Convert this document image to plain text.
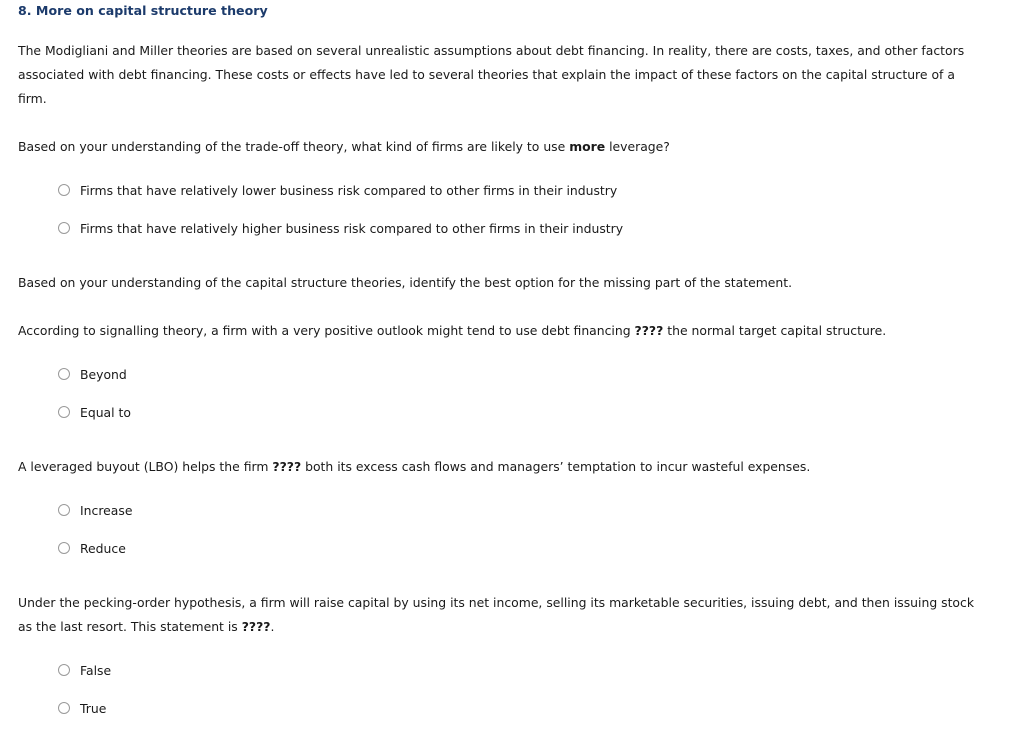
8. More on capital structure theory
The Modigliani and Miller theories are based on several unrealistic assumptions about debt financing. In reality, there are costs, taxes, and other factors associated with debt financing. These costs or effects have led to several theories that explain the impact of these factors on the capital structure of a firm.
Based on your understanding of the trade-off theory, what kind of firms are likely to use more leverage?
Firms that have relatively lower business risk compared to other firms in their industry
Firms that have relatively higher business risk compared to other firms in their industry
Based on your understanding of the capital structure theories, identify the best option for the missing part of the statement.
According to signalling theory, a firm with a very positive outlook might tend to use debt financing ???? the normal target capital structure.
Beyond
Equal to
A leveraged buyout (LBO) helps the firm ???? both its excess cash flows and managers’ temptation to incur wasteful expenses.
Increase
Reduce
Under the pecking-order hypothesis, a firm will raise capital by using its net income, selling its marketable securities, issuing debt, and then issuing stock as the last resort. This statement is ????.
False
True
